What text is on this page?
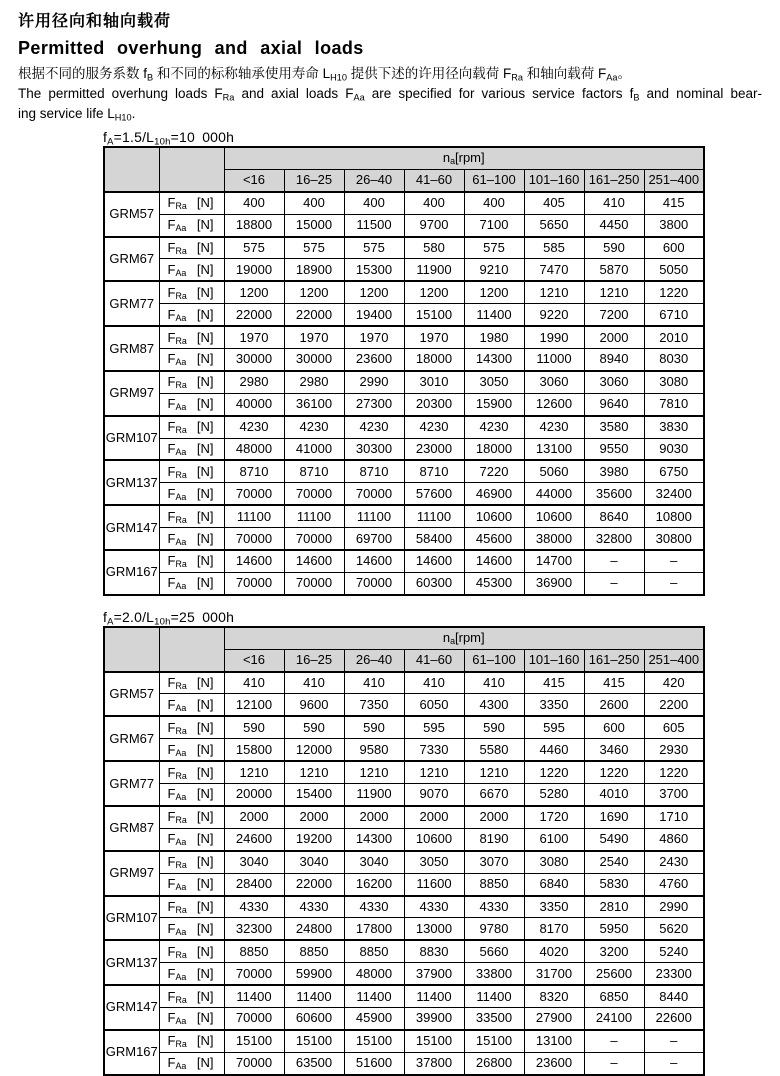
许用径向和轴向载荷
Permitted overhung and axial loads

根据不同的服务系数 $f_B$ 和不同的标称轴承使用寿命 $L_{H10}$ 提供下述的许用径向载荷 $F_{Ra}$ 和轴向载荷 $F_{Aa}$。

The permitted overhung loads $F_{Ra}$ and axial loads $F_{Aa}$ are specified for various service factors $f_B$ and nominal bear-

ing service life $L_{H10}$.

$f_A=1.5/L_{10h}=10$ 000h
		$n_a[rpm]$							
		<16	16–25	26–40	41–60	61–100	101–160	161–250	251–400
GRM57	$F_{Ra}$ [N]	400	400	400	400	400	405	410	415

	$F_{Aa}$ [N]	18800	15000	11500	9700	7100	5650	4450	3800
GRM67	$F_{Ra}$ [N]	575	575	575	580	575	585	590	600

	$F_{Aa}$ [N]	19000	18900	15300	11900	9210	7470	5870	5050
GRM77	$F_{Ra}$ [N]	1200	1200	1200	1200	1200	1210	1210	1220

	$F_{Aa}$ [N]	22000	22000	19400	15100	11400	9220	7200	6710
GRM87	$F_{Ra}$ [N]	1970	1970	1970	1970	1980	1990	2000	2010

	$F_{Aa}$ [N]	30000	30000	23600	18000	14300	11000	8940	8030
GRM97	$F_{Ra}$ [N]	2980	2980	2990	3010	3050	3060	3060	3080

	$F_{Aa}$ [N]	40000	36100	27300	20300	15900	12600	9640	7810
GRM107	$F_{Ra}$ [N]	4230	4230	4230	4230	4230	4230	3580	3830

	$F_{Aa}$ [N]	48000	41000	30300	23000	18000	13100	9550	9030
GRM137	$F_{Ra}$ [N]	8710	8710	8710	8710	7220	5060	3980	6750

	$F_{Aa}$ [N]	70000	70000	70000	57600	46900	44000	35600	32400
GRM147	$F_{Ra}$ [N]	11100	11100	11100	11100	10600	10600	8640	10800

	$F_{Aa}$ [N]	70000	70000	69700	58400	45600	38000	32800	30800
GRM167	$F_{Ra}$ [N]	14600	14600	14600	14600	14600	14700	–	–

	$F_{Aa}$ [N]	70000	70000	70000	60300	45300	36900	–	–
$f_A=2.0/L_{10h}=25$ 000h
		$n_a[rpm]$							
		<16	16–25	26–40	41–60	61–100	101–160	161–250	251–400
GRM57	$F_{Ra}$ [N]	410	410	410	410	410	415	415	420

	$F_{Aa}$ [N]	12100	9600	7350	6050	4300	3350	2600	2200
GRM67	$F_{Ra}$ [N]	590	590	590	595	590	595	600	605

	$F_{Aa}$ [N]	15800	12000	9580	7330	5580	4460	3460	2930
GRM77	$F_{Ra}$ [N]	1210	1210	1210	1210	1210	1220	1220	1220

	$F_{Aa}$ [N]	20000	15400	11900	9070	6670	5280	4010	3700
GRM87	$F_{Ra}$ [N]	2000	2000	2000	2000	2000	1720	1690	1710

	$F_{Aa}$ [N]	24600	19200	14300	10600	8190	6100	5490	4860
GRM97	$F_{Ra}$ [N]	3040	3040	3040	3050	3070	3080	2540	2430

	$F_{Aa}$ [N]	28400	22000	16200	11600	8850	6840	5830	4760
GRM107	$F_{Ra}$ [N]	4330	4330	4330	4330	4330	3350	2810	2990

	$F_{Aa}$ [N]	32300	24800	17800	13000	9780	8170	5950	5620
GRM137	$F_{Ra}$ [N]	8850	8850	8850	8830	5660	4020	3200	5240

	$F_{Aa}$ [N]	70000	59900	48000	37900	33800	31700	25600	23300
GRM147	$F_{Ra}$ [N]	11400	11400	11400	11400	11400	8320	6850	8440

	$F_{Aa}$ [N]	70000	60600	45900	39900	33500	27900	24100	22600
GRM167	$F_{Ra}$ [N]	15100	15100	15100	15100	15100	13100	–	–

	$F_{Aa}$ [N]	70000	63500	51600	37800	26800	23600	–	–
